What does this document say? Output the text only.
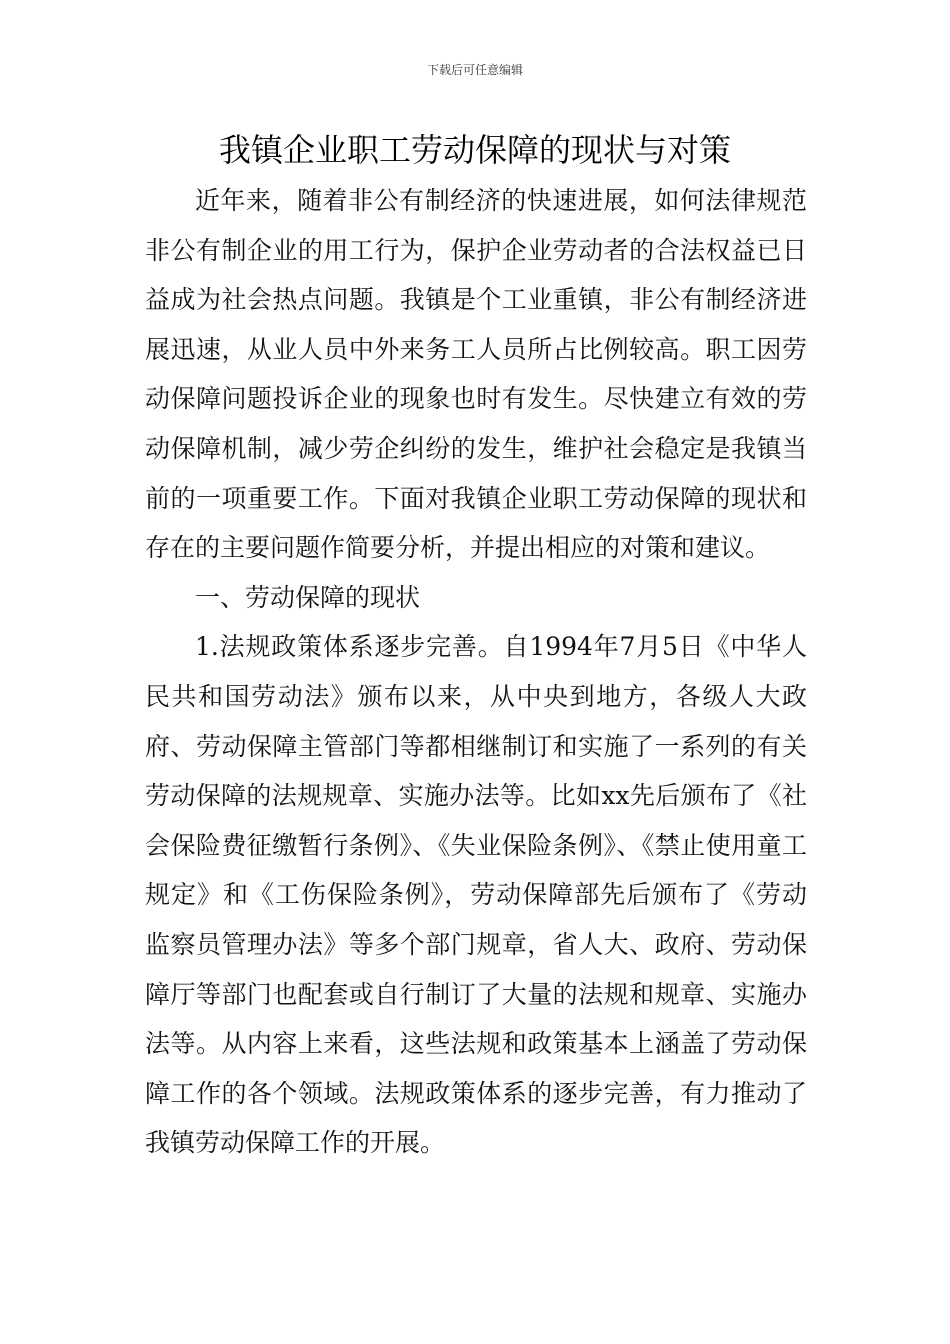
下载后可任意编辑
我镇企业职工劳动保障的现状与对策

近年来，随着非公有制经济的快速进展，如何法律规范非公有制企业的用工行为，保护企业劳动者的合法权益已日益成为社会热点问题。我镇是个工业重镇，非公有制经济进展迅速，从业人员中外来务工人员所占比例较高。职工因劳动保障问题投诉企业的现象也时有发生。尽快建立有效的劳动保障机制，减少劳企纠纷的发生，维护社会稳定是我镇当前的一项重要工作。下面对我镇企业职工劳动保障的现状和存在的主要问题作简要分析，并提出相应的对策和建议。

一、劳动保障的现状

1.法规政策体系逐步完善。自1994年7月5日《中华人民共和国劳动法》颁布以来，从中央到地方，各级人大政府、劳动保障主管部门等都相继制订和实施了一系列的有关劳动保障的法规规章、实施办法等。比如xx先后颁布了《社会保险费征缴暂行条例》、《失业保险条例》、《禁止使用童工规定》和《工伤保险条例》，劳动保障部先后颁布了《劳动监察员管理办法》等多个部门规章，省人大、政府、劳动保障厅等部门也配套或自行制订了大量的法规和规章、实施办法等。从内容上来看，这些法规和政策基本上涵盖了劳动保障工作的各个领域。法规政策体系的逐步完善，有力推动了我镇劳动保障工作的开展。
